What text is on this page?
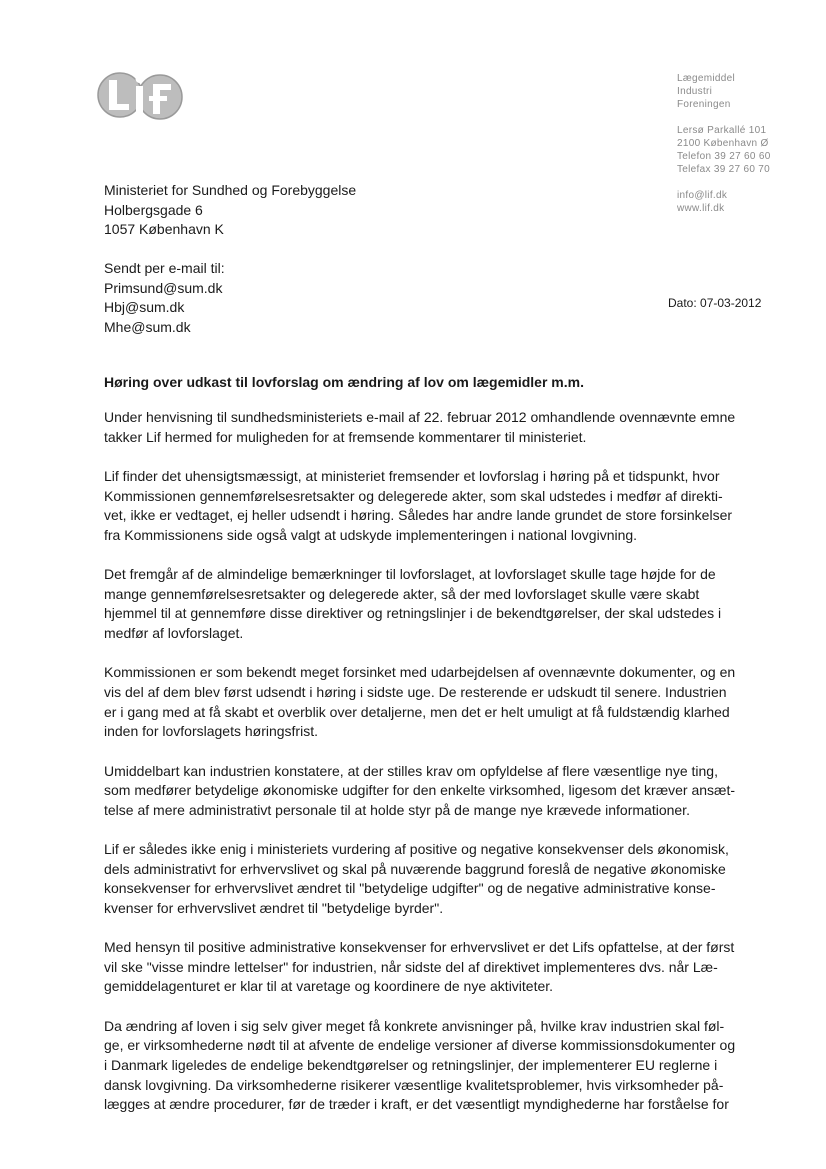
Lægemiddel
Industri
Foreningen
Lersø Parkallé 101
2100 København Ø
Telefon 39 27 60 60
Telefax 39 27 60 70
info@lif.dk
www.lif.dk
Ministeriet for Sundhed og Forebyggelse
Holbergsgade 6
1057 København K
Sendt per e-mail til:
Primsund@sum.dk
Hbj@sum.dk
Mhe@sum.dk
Dato: 07-03-2012
Høring over udkast til lovforslag om ændring af lov om lægemidler m.m.

Under henvisning til sundhedsministeriets e-mail af 22. februar 2012 omhandlende ovennævnte emne
takker Lif hermed for muligheden for at fremsende kommentarer til ministeriet.

Lif finder det uhensigtsmæssigt, at ministeriet fremsender et lovforslag i høring på et tidspunkt, hvor
Kommissionen gennemførelsesretsakter og delegerede akter, som skal udstedes i medfør af direkti-
vet, ikke er vedtaget, ej heller udsendt i høring. Således har andre lande grundet de store forsinkelser
fra Kommissionens side også valgt at udskyde implementeringen i national lovgivning.

Det fremgår af de almindelige bemærkninger til lovforslaget, at lovforslaget skulle tage højde for de
mange gennemførelsesretsakter og delegerede akter, så der med lovforslaget skulle være skabt
hjemmel til at gennemføre disse direktiver og retningslinjer i de bekendtgørelser, der skal udstedes i
medfør af lovforslaget.

Kommissionen er som bekendt meget forsinket med udarbejdelsen af ovennævnte dokumenter, og en
vis del af dem blev først udsendt i høring i sidste uge. De resterende er udskudt til senere. Industrien
er i gang med at få skabt et overblik over detaljerne, men det er helt umuligt at få fuldstændig klarhed
inden for lovforslagets høringsfrist.

Umiddelbart kan industrien konstatere, at der stilles krav om opfyldelse af flere væsentlige nye ting,
som medfører betydelige økonomiske udgifter for den enkelte virksomhed, ligesom det kræver ansæt-
telse af mere administrativt personale til at holde styr på de mange nye krævede informationer.

Lif er således ikke enig i ministeriets vurdering af positive og negative konsekvenser dels økonomisk,
dels administrativt for erhvervslivet og skal på nuværende baggrund foreslå de negative økonomiske
konsekvenser for erhvervslivet ændret til "betydelige udgifter" og de negative administrative konse-
kvenser for erhvervslivet ændret til "betydelige byrder".

Med hensyn til positive administrative konsekvenser for erhvervslivet er det Lifs opfattelse, at der først
vil ske "visse mindre lettelser" for industrien, når sidste del af direktivet implementeres dvs. når Læ-
gemiddelagenturet er klar til at varetage og koordinere de nye aktiviteter.

Da ændring af loven i sig selv giver meget få konkrete anvisninger på, hvilke krav industrien skal føl-
ge, er virksomhederne nødt til at afvente de endelige versioner af diverse kommissionsdokumenter og
i Danmark ligeledes de endelige bekendtgørelser og retningslinjer, der implementerer EU reglerne i
dansk lovgivning. Da virksomhederne risikerer væsentlige kvalitetsproblemer, hvis virksomheder på-
lægges at ændre procedurer, før de træder i kraft, er det væsentligt myndighederne har forståelse for
